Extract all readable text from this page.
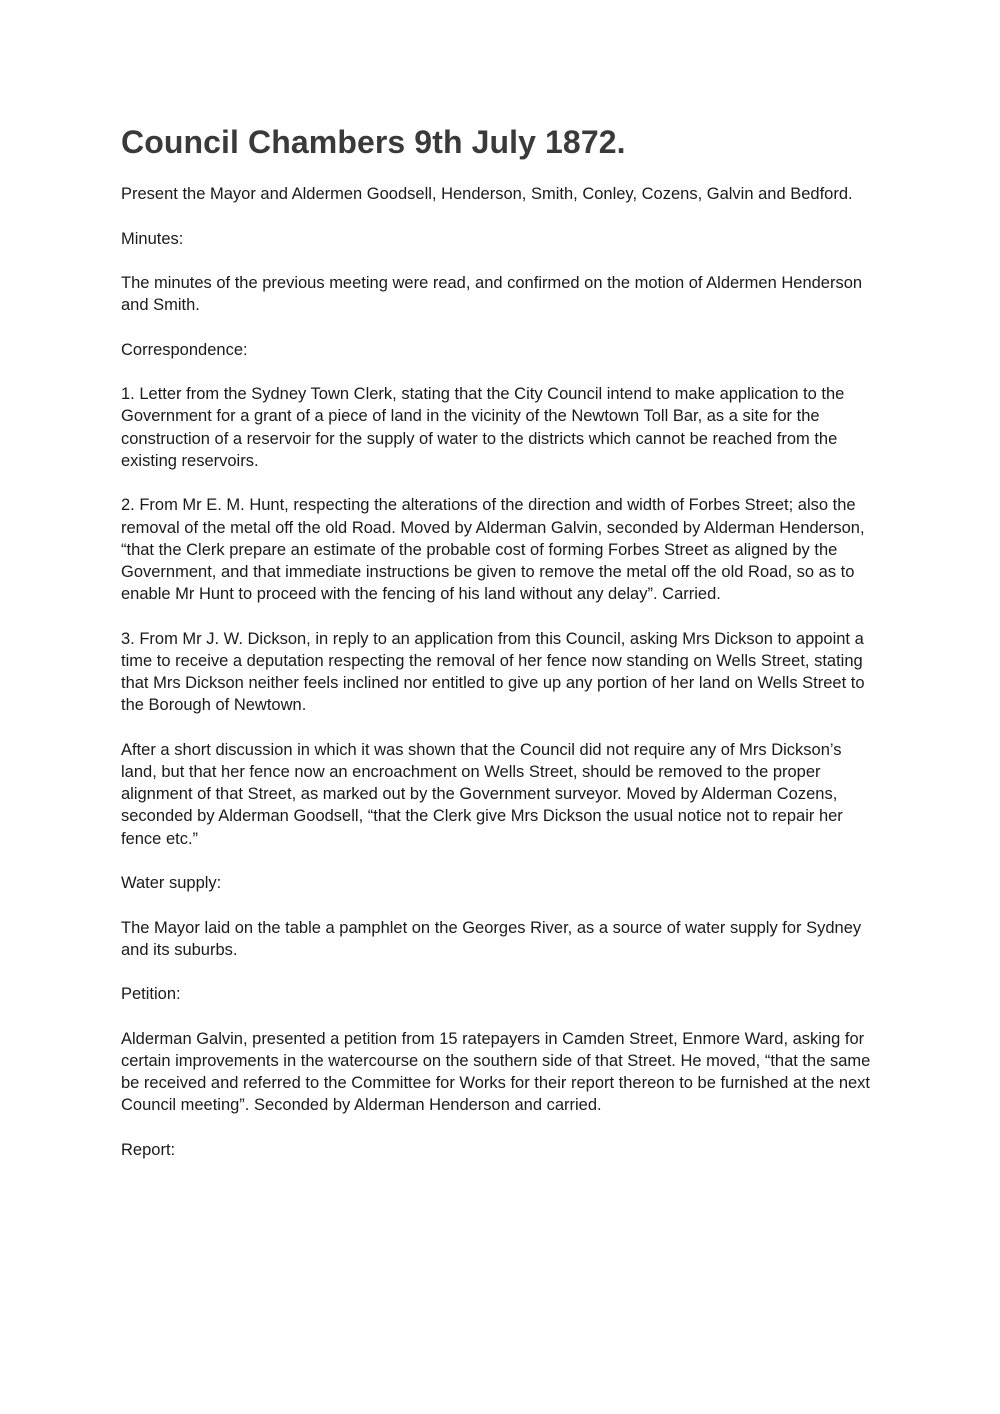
Council Chambers 9th July 1872.

Present the Mayor and Aldermen Goodsell, Henderson, Smith, Conley, Cozens, Galvin and Bedford.

Minutes:

The minutes of the previous meeting were read, and confirmed on the motion of Aldermen Henderson and Smith.

Correspondence:

1. Letter from the Sydney Town Clerk, stating that the City Council intend to make application to the Government for a grant of a piece of land in the vicinity of the Newtown Toll Bar, as a site for the construction of a reservoir for the supply of water to the districts which cannot be reached from the existing reservoirs.

2. From Mr E. M. Hunt, respecting the alterations of the direction and width of Forbes Street; also the removal of the metal off the old Road. Moved by Alderman Galvin, seconded by Alderman Henderson, “that the Clerk prepare an estimate of the probable cost of forming Forbes Street as aligned by the Government, and that immediate instructions be given to remove the metal off the old Road, so as to enable Mr Hunt to proceed with the fencing of his land without any delay”. Carried.

3. From Mr J. W. Dickson, in reply to an application from this Council, asking Mrs Dickson to appoint a time to receive a deputation respecting the removal of her fence now standing on Wells Street, stating that Mrs Dickson neither feels inclined nor entitled to give up any portion of her land on Wells Street to the Borough of Newtown.

After a short discussion in which it was shown that the Council did not require any of Mrs Dickson’s land, but that her fence now an encroachment on Wells Street, should be removed to the proper alignment of that Street, as marked out by the Government surveyor. Moved by Alderman Cozens, seconded by Alderman Goodsell, “that the Clerk give Mrs Dickson the usual notice not to repair her fence etc.”

Water supply:

The Mayor laid on the table a pamphlet on the Georges River, as a source of water supply for Sydney and its suburbs.

Petition:

Alderman Galvin, presented a petition from 15 ratepayers in Camden Street, Enmore Ward, asking for certain improvements in the watercourse on the southern side of that Street. He moved, “that the same be received and referred to the Committee for Works for their report thereon to be furnished at the next Council meeting”. Seconded by Alderman Henderson and carried.

Report:
